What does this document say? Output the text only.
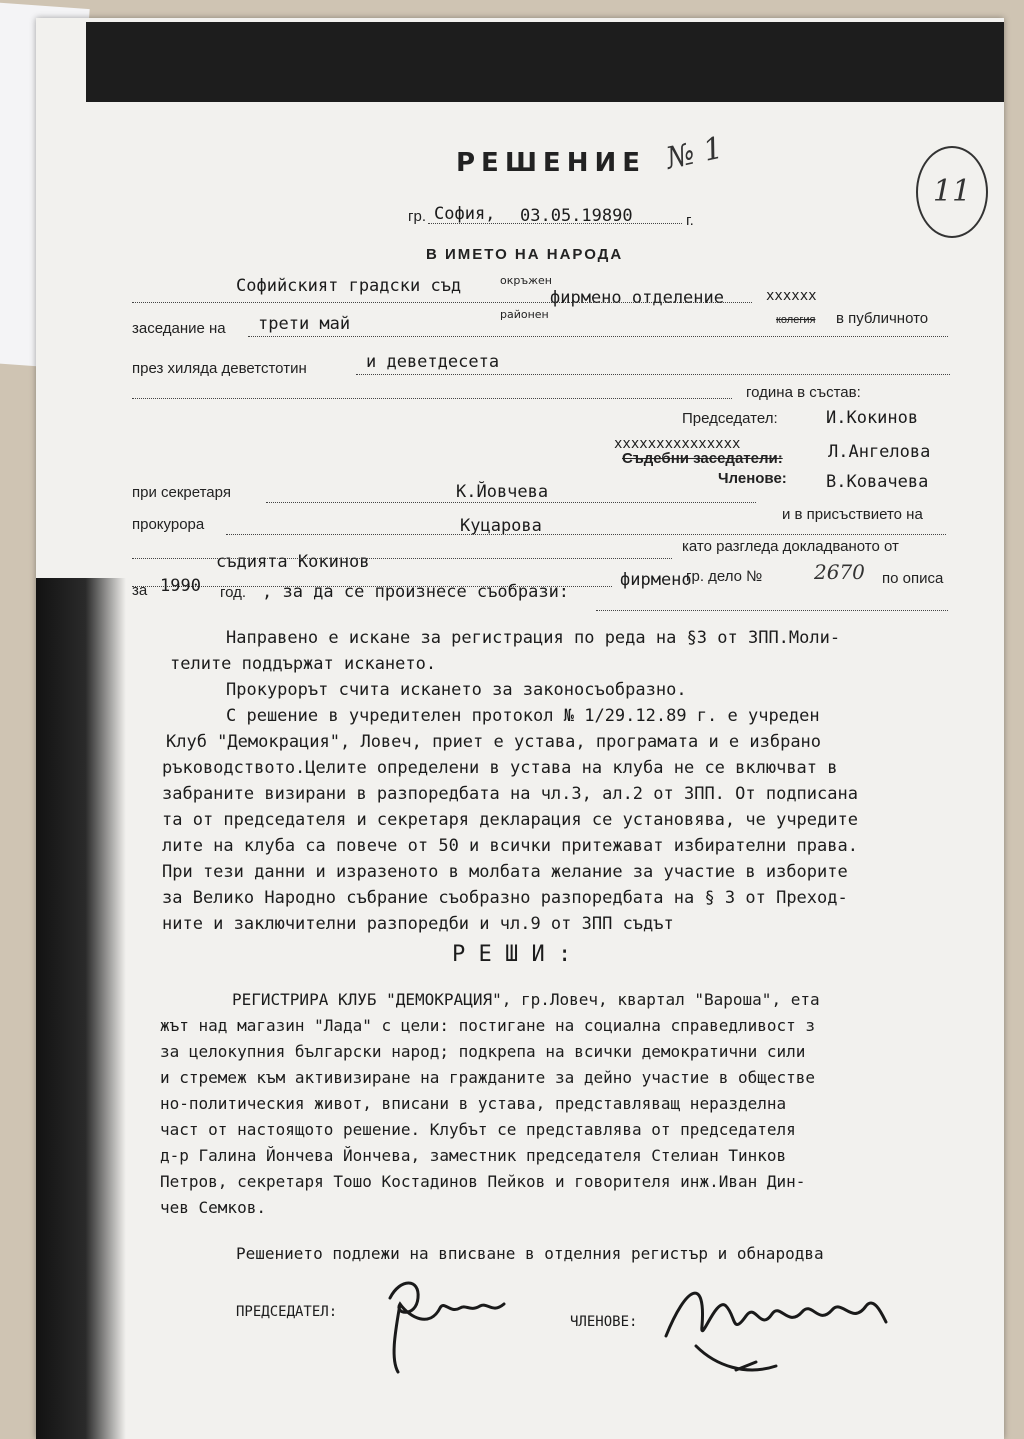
РЕШЕНИЕ № 1
11
гр. София, 03.05.19890	г.
В ИМЕТО НА НАРОДА
Софийският градски съд	окръжен
районен
фирмено отделение	xxxxxx
колегия в публичното
заседание на трети май
през хиляда деветстотин	и деветдесета
година в състав:
Председател:	И.Кокинов
xxxxxxxxxxxxxxx
Съдебни заседатели:	Л.Ангелова
Членове: В.Ковачева
при секретаря	К.Йовчева
и в присъствието на
прокурора	Куцарова
съдията Кокинов
като разгледа докладваното от
фирмено
гр. дело №	2670 по описа
за 1990 год. , за да се произнесе съобрази:
Направено е искане за регистрация по реда на §3 от ЗПП.Моли-
телите поддържат искането.
Прокурорът счита искането за законосъобразно.
С решение в учредителен протокол № 1/29.12.89 г. е учреден
Клуб "Демокрация", Ловеч, приет е устава, програмата и е избрано
ръководството.Целите определени в устава на клуба не се включват в
забраните визирани в разпоредбата на чл.3, ал.2 от ЗПП. От подписана
та от председателя и секретаря декларация се установява, че учредите
лите на клуба са повече от 50 и всички притежават избирателни права.
При тези данни и изразеното в молбата желание за участие в изборите
за Велико Народно събрание съобразно разпоредбата на § 3 от Преход-
ните и заключителни разпоредби и чл.9 от ЗПП съдът
Р Е Ш И :
РЕГИСТРИРА КЛУБ "ДЕМОКРАЦИЯ", гр.Ловеч, квартал "Вароша", ета
жът над магазин "Лада" с цели: постигане на социална справедливост з
за целокупния български народ; подкрепа на всички демократични сили
и стремеж към активизиране на гражданите за дейно участие в обществе
но-политическия живот, вписани в устава, представляващ неразделна
част от настоящото решение. Клубът се представлява от председателя
д-р Галина Йончева Йончева, заместник председателя Стелиан Тинков
Петров, секретаря Тошо Костадинов Пейков и говорителя инж.Иван Дин-
чев Семков.
Решението подлежи на вписване в отделния регистър и обнародва
ПРЕДСЕДАТЕЛ:
ЧЛЕНОВЕ:
